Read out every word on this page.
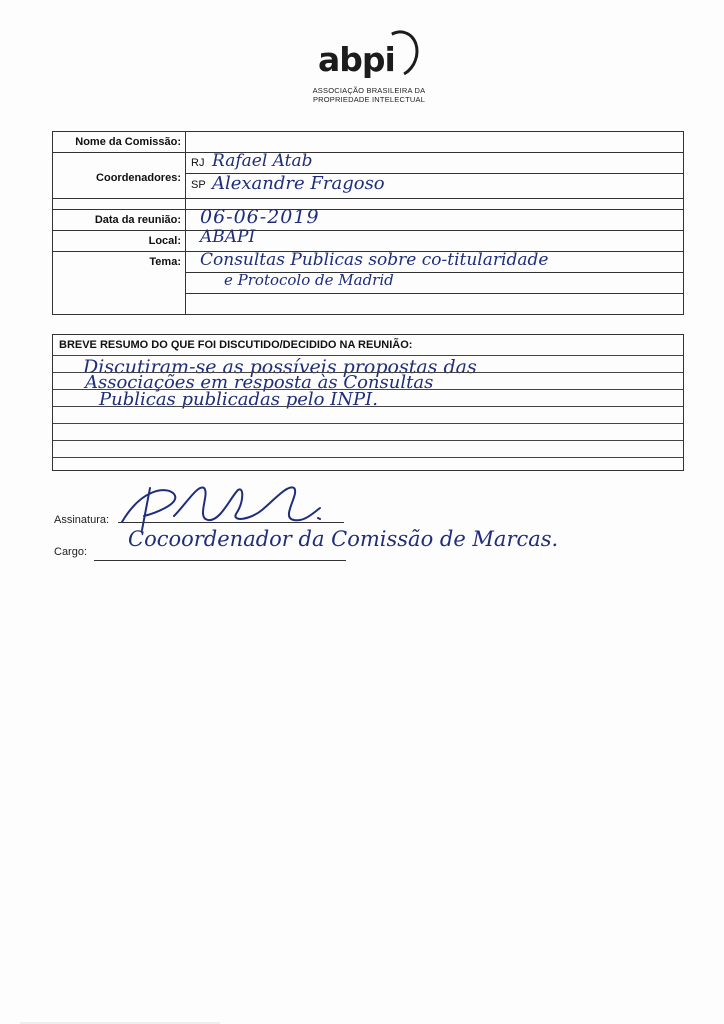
abpi
ASSOCIAÇÃO BRASILEIRA DA
PROPRIEDADE INTELECTUAL
Nome da Comissão:	

Coordenadores:	RJ Rafael Atab

	SP Alexandre Fragoso

Data da reunião:	06-06-2019

Local:	ABAPI

Tema:	Consultas Publicas sobre co-titularidade

	e Protocolo de Madrid

BREVE RESUMO DO QUE FOI DISCUTIDO/DECIDIDO NA REUNIÃO:
Discutiram-se as possíveis propostas das
Associações em resposta às Consultas
Publicas publicadas pelo INPI.
Assinatura:
Cargo:
Cocoordenador da Comissão de Marcas.
